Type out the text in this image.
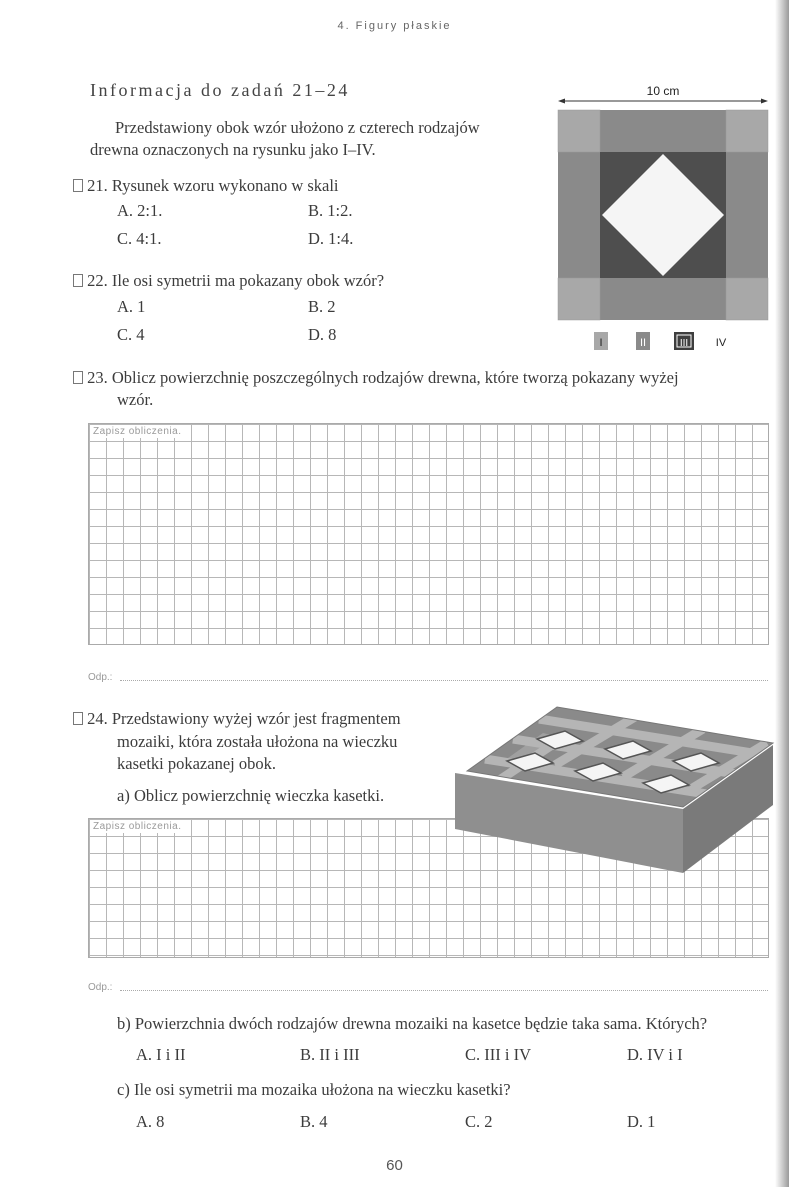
4. Figury płaskie
Informacja do zadań 21–24
Przedstawiony obok wzór ułożono z czterech rodzajów
drewna oznaczonych na rysunku jako I–IV.
10 cm
I	II	III	IV
21. Rysunek wzoru wykonano w skali
A. 2:1.	B. 1:2.
C. 4:1.	D. 1:4.
22. Ile osi symetrii ma pokazany obok wzór?
A. 1	B. 2
C. 4	D. 8
23. Oblicz powierzchnię poszczególnych rodzajów drewna, które tworzą pokazany wyżej
wzór.
Zapisz obliczenia.
Odp.:
24. Przedstawiony wyżej wzór jest fragmentem
mozaiki, która została ułożona na wieczku
kasetki pokazanej obok.
a) Oblicz powierzchnię wieczka kasetki.
Zapisz obliczenia.
Odp.:
b) Powierzchnia dwóch rodzajów drewna mozaiki na kasetce będzie taka sama. Których?
A. I i II	B. II i III	C. III i IV	D. IV i I
c) Ile osi symetrii ma mozaika ułożona na wieczku kasetki?
A. 8	B. 4	C. 2	D. 1
60
